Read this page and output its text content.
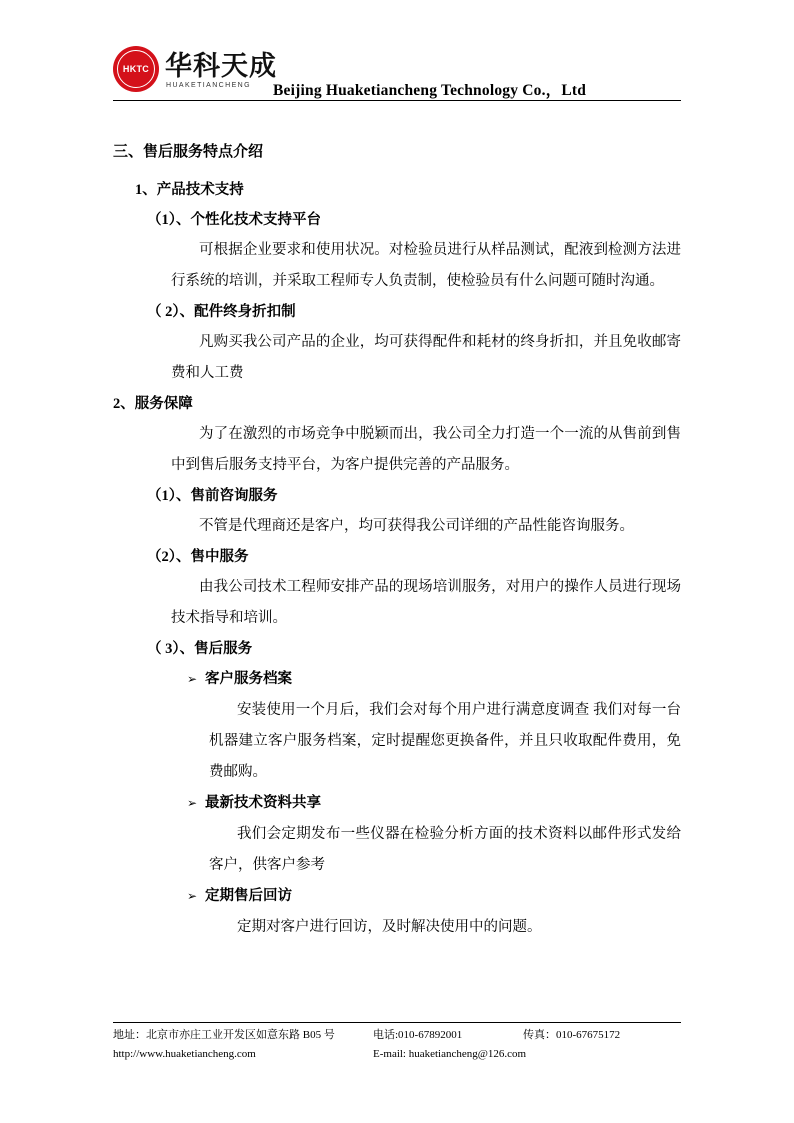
HKTC 华科天成
HUAKETIANCHENG Beijing Huaketiancheng Technology Co.，Ltd
三、售后服务特点介绍
1、产品技术支持
（1）、个性化技术支持平台
可根据企业要求和使用状况。对检验员进行从样品测试，配液到检测方法进行系统的培训，并采取工程师专人负责制，使检验员有什么问题可随时沟通。
（ 2）、配件终身折扣制
凡购买我公司产品的企业，均可获得配件和耗材的终身折扣，并且免收邮寄费和人工费
2、服务保障
为了在激烈的市场竞争中脱颖而出，我公司全力打造一个一流的从售前到售中到售后服务支持平台，为客户提供完善的产品服务。
（1）、售前咨询服务
不管是代理商还是客户，均可获得我公司详细的产品性能咨询服务。
（2）、售中服务
由我公司技术工程师安排产品的现场培训服务，对用户的操作人员进行现场技术指导和培训。
（ 3）、售后服务
➢ 客户服务档案
安装使用一个月后，我们会对每个用户进行满意度调查 我们对每一台机器建立客户服务档案，定时提醒您更换备件，并且只收取配件费用，免费邮购。
➢ 最新技术资料共享
我们会定期发布一些仪器在检验分析方面的技术资料以邮件形式发给客户，供客户参考
➢ 定期售后回访
定期对客户进行回访，及时解决使用中的问题。
地址：北京市亦庄工业开发区如意东路 B05 号	电话:010-67892001	传真：010-67675172
http://www.huaketiancheng.com	E-mail: huaketiancheng@126.com
